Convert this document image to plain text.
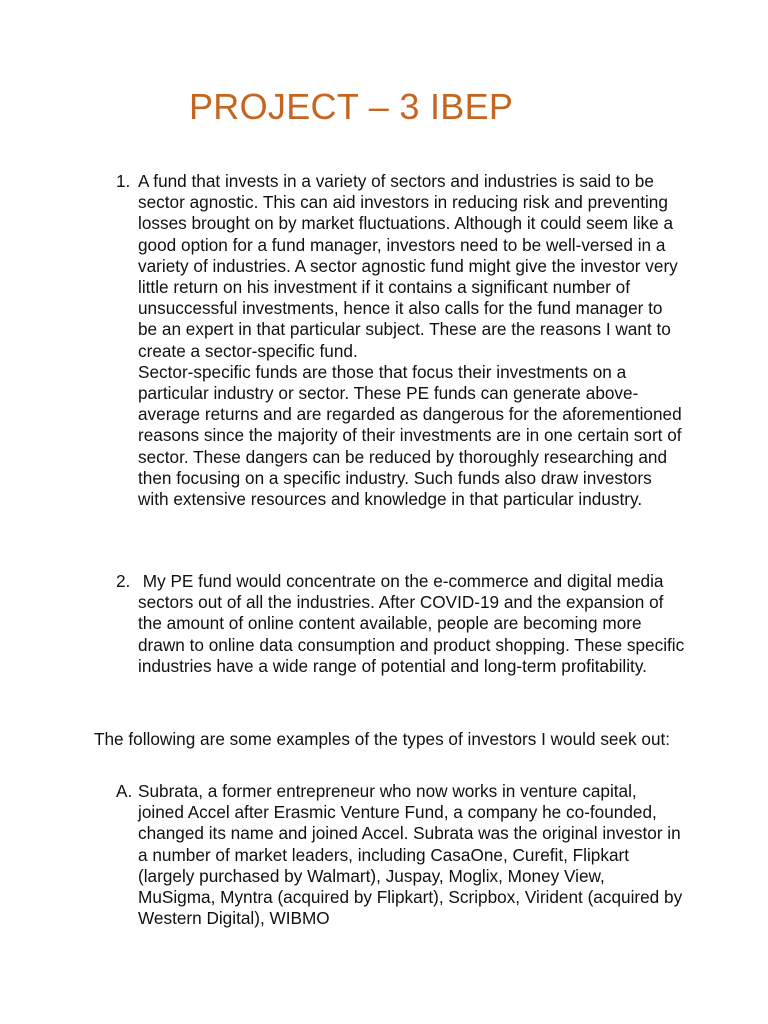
PROJECT – 3 IBEP
1. A fund that invests in a variety of sectors and industries is said to be sector agnostic. This can aid investors in reducing risk and preventing losses brought on by market fluctuations. Although it could seem like a good option for a fund manager, investors need to be well-versed in a variety of industries. A sector agnostic fund might give the investor very little return on his investment if it contains a significant number of unsuccessful investments, hence it also calls for the fund manager to be an expert in that particular subject. These are the reasons I want to create a sector-specific fund.

Sector-specific funds are those that focus their investments on a particular industry or sector. These PE funds can generate above-average returns and are regarded as dangerous for the aforementioned reasons since the majority of their investments are in one certain sort of sector. These dangers can be reduced by thoroughly researching and then focusing on a specific industry. Such funds also draw investors with extensive resources and knowledge in that particular industry.

2. My PE fund would concentrate on the e-commerce and digital media sectors out of all the industries. After COVID-19 and the expansion of the amount of online content available, people are becoming more drawn to online data consumption and product shopping. These specific industries have a wide range of potential and long-term profitability.

The following are some examples of the types of investors I would seek out:
A. Subrata, a former entrepreneur who now works in venture capital, joined Accel after Erasmic Venture Fund, a company he co-founded, changed its name and joined Accel. Subrata was the original investor in a number of market leaders, including CasaOne, Curefit, Flipkart (largely purchased by Walmart), Juspay, Moglix, Money View, MuSigma, Myntra (acquired by Flipkart), Scripbox, Virident (acquired by Western Digital), WIBMO
